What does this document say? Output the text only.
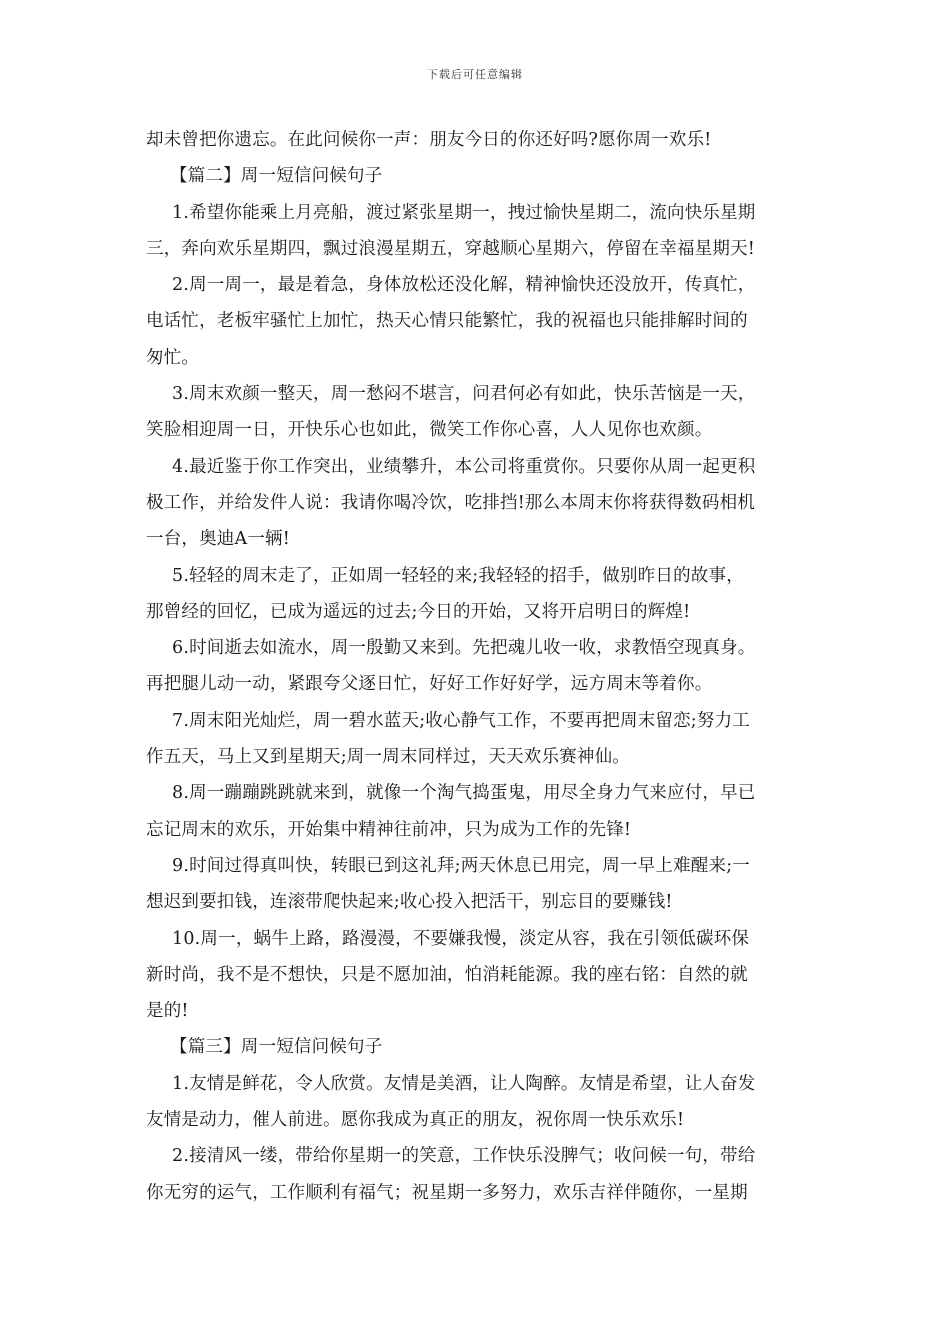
下载后可任意编辑
却未曾把你遗忘。在此问候你一声：朋友今日的你还好吗?愿你周一欢乐!
【篇二】周一短信问候句子
1.希望你能乘上月亮船，渡过紧张星期一，拽过愉快星期二，流向快乐星期
三，奔向欢乐星期四，飘过浪漫星期五，穿越顺心星期六，停留在幸福星期天!
2.周一周一，最是着急，身体放松还没化解，精神愉快还没放开，传真忙，
电话忙，老板牢骚忙上加忙，热天心情只能繁忙，我的祝福也只能排解时间的
匆忙。
3.周末欢颜一整天，周一愁闷不堪言，问君何必有如此，快乐苦恼是一天，
笑脸相迎周一日，开快乐心也如此，微笑工作你心喜，人人见你也欢颜。
4.最近鉴于你工作突出，业绩攀升，本公司将重赏你。只要你从周一起更积
极工作，并给发件人说：我请你喝冷饮，吃排挡!那么本周末你将获得数码相机
一台，奥迪A一辆!
5.轻轻的周末走了，正如周一轻轻的来;我轻轻的招手，做别昨日的故事，
那曾经的回忆，已成为遥远的过去;今日的开始，又将开启明日的辉煌!
6.时间逝去如流水，周一殷勤又来到。先把魂儿收一收，求教悟空现真身。
再把腿儿动一动，紧跟夸父逐日忙，好好工作好好学，远方周末等着你。
7.周末阳光灿烂，周一碧水蓝天;收心静气工作，不要再把周末留恋;努力工
作五天，马上又到星期天;周一周末同样过，天天欢乐赛神仙。
8.周一蹦蹦跳跳就来到，就像一个淘气捣蛋鬼，用尽全身力气来应付，早已
忘记周末的欢乐，开始集中精神往前冲，只为成为工作的先锋!
9.时间过得真叫快，转眼已到这礼拜;两天休息已用完，周一早上难醒来;一
想迟到要扣钱，连滚带爬快起来;收心投入把活干，别忘目的要赚钱!
10.周一，蜗牛上路，路漫漫，不要嫌我慢，淡定从容，我在引领低碳环保
新时尚，我不是不想快，只是不愿加油，怕消耗能源。我的座右铭：自然的就
是的!
【篇三】周一短信问候句子
1.友情是鲜花，令人欣赏。友情是美酒，让人陶醉。友情是希望，让人奋发
友情是动力，催人前进。愿你我成为真正的朋友，祝你周一快乐欢乐!
2.接清风一缕，带给你星期一的笑意，工作快乐没脾气；收问候一句，带给
你无穷的运气，工作顺利有福气；祝星期一多努力，欢乐吉祥伴随你，一星期
